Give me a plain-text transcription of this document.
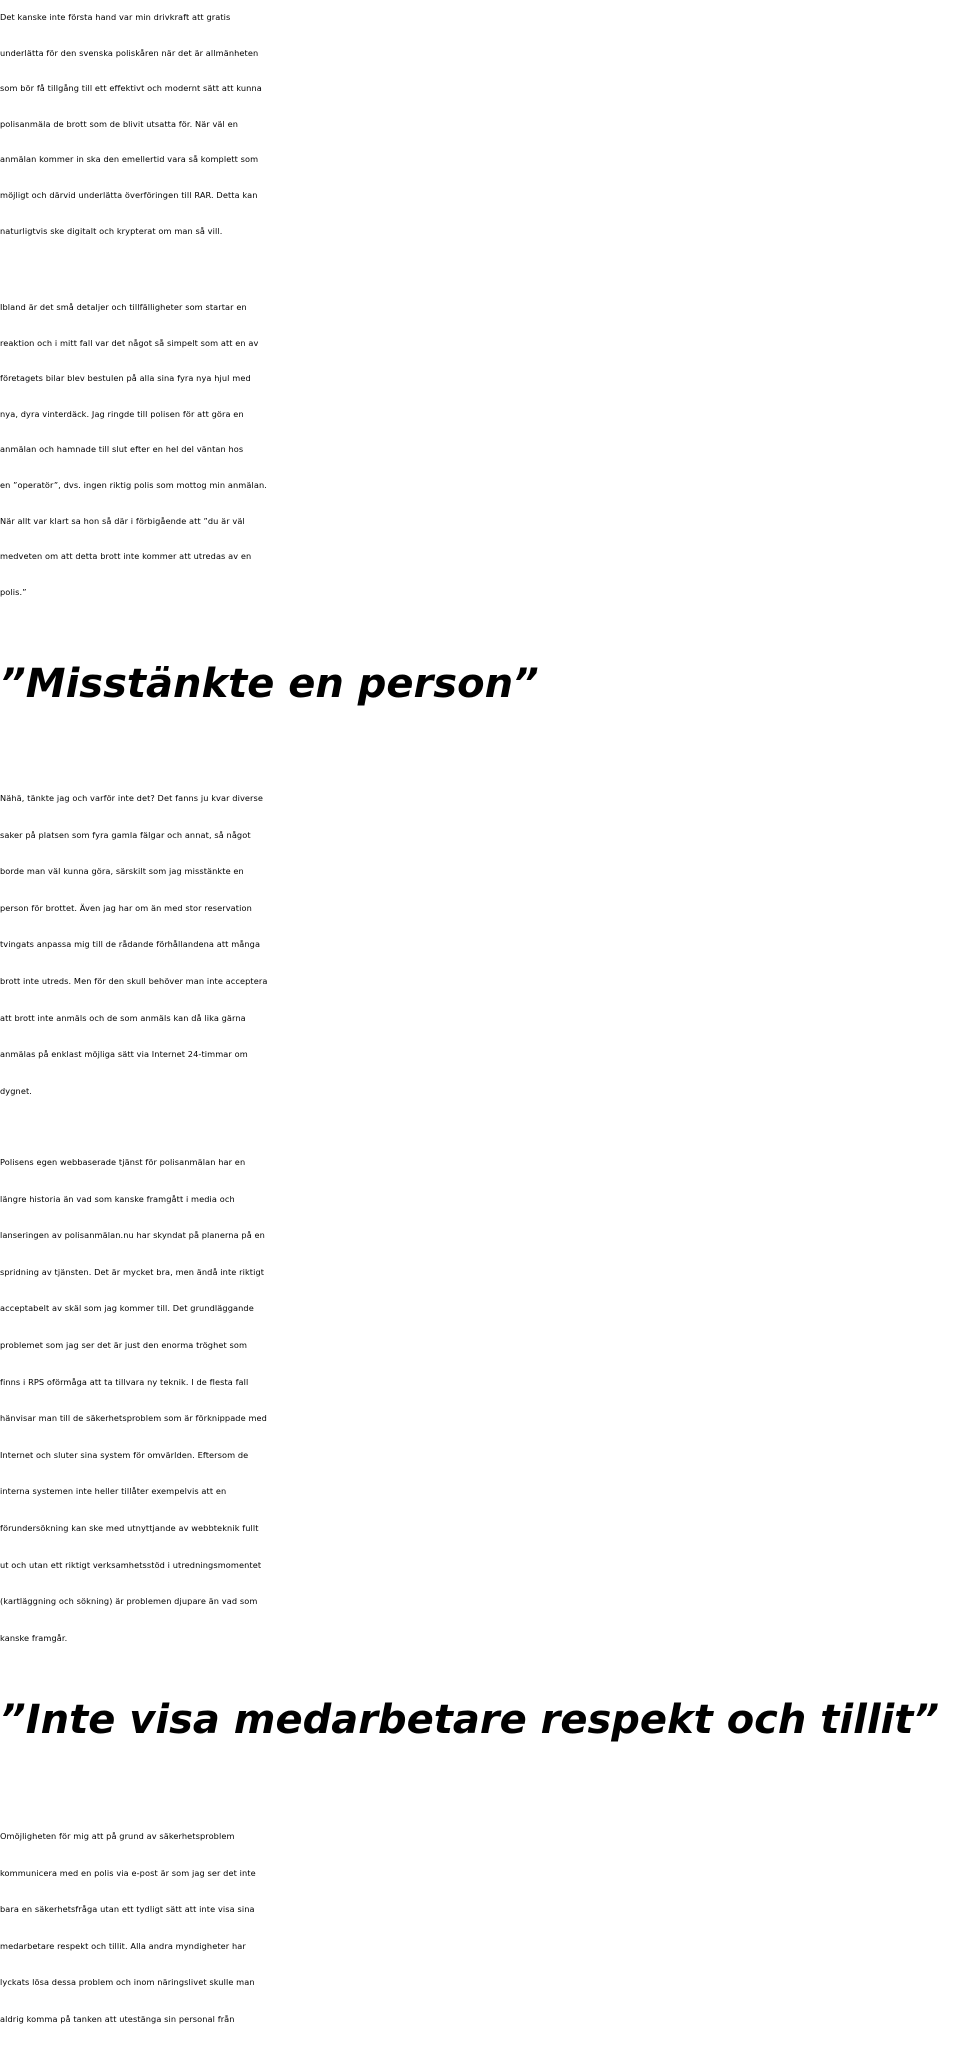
Det kanske inte första hand var min drivkraft att gratis
underlätta för den svenska poliskåren när det är allmänheten
som bör få tillgång till ett effektivt och modernt sätt att kunna
polisanmäla de brott som de blivit utsatta för. När väl en
anmälan kommer in ska den emellertid vara så komplett som
möjligt och därvid underlätta överföringen till RAR. Detta kan
naturligtvis ske digitalt och krypterat om man så vill.

Ibland är det små detaljer och tillfälligheter som startar en
reaktion och i mitt fall var det något så simpelt som att en av
företagets bilar blev bestulen på alla sina fyra nya hjul med
nya, dyra vinterdäck. Jag ringde till polisen för att göra en
anmälan och hamnade till slut efter en hel del väntan hos
en ”operatör”, dvs. ingen riktig polis som mottog min anmälan.
När allt var klart sa hon så där i förbigående att ”du är väl
medveten om att detta brott inte kommer att utredas av en
polis.”

”Misstänkte en person”

Nähä, tänkte jag och varför inte det? Det fanns ju kvar diverse
saker på platsen som fyra gamla fälgar och annat, så något
borde man väl kunna göra, särskilt som jag misstänkte en
person för brottet. Även jag har om än med stor reservation
tvingats anpassa mig till de rådande förhållandena att många
brott inte utreds. Men för den skull behöver man inte acceptera
att brott inte anmäls och de som anmäls kan då lika gärna
anmälas på enklast möjliga sätt via Internet 24-timmar om
dygnet.

Polisens egen webbaserade tjänst för polisanmälan har en
längre historia än vad som kanske framgått i media och
lanseringen av polisanmälan.nu har skyndat på planerna på en
spridning av tjänsten. Det är mycket bra, men ändå inte riktigt
acceptabelt av skäl som jag kommer till. Det grundläggande
problemet som jag ser det är just den enorma tröghet som
finns i RPS oförmåga att ta tillvara ny teknik. I de flesta fall
hänvisar man till de säkerhetsproblem som är förknippade med
Internet och sluter sina system för omvärlden. Eftersom de
interna systemen inte heller tillåter exempelvis att en
förundersökning kan ske med utnyttjande av webbteknik fullt
ut och utan ett riktigt verksamhetsstöd i utredningsmomentet
(kartläggning och sökning) är problemen djupare än vad som
kanske framgår.

”Inte visa medarbetare respekt och tillit”

Omöjligheten för mig att på grund av säkerhetsproblem
kommunicera med en polis via e-post är som jag ser det inte
bara en säkerhetsfråga utan ett tydligt sätt att inte visa sina
medarbetare respekt och tillit. Alla andra myndigheter har
lyckats lösa dessa problem och inom näringslivet skulle man
aldrig komma på tanken att utestänga sin personal från
